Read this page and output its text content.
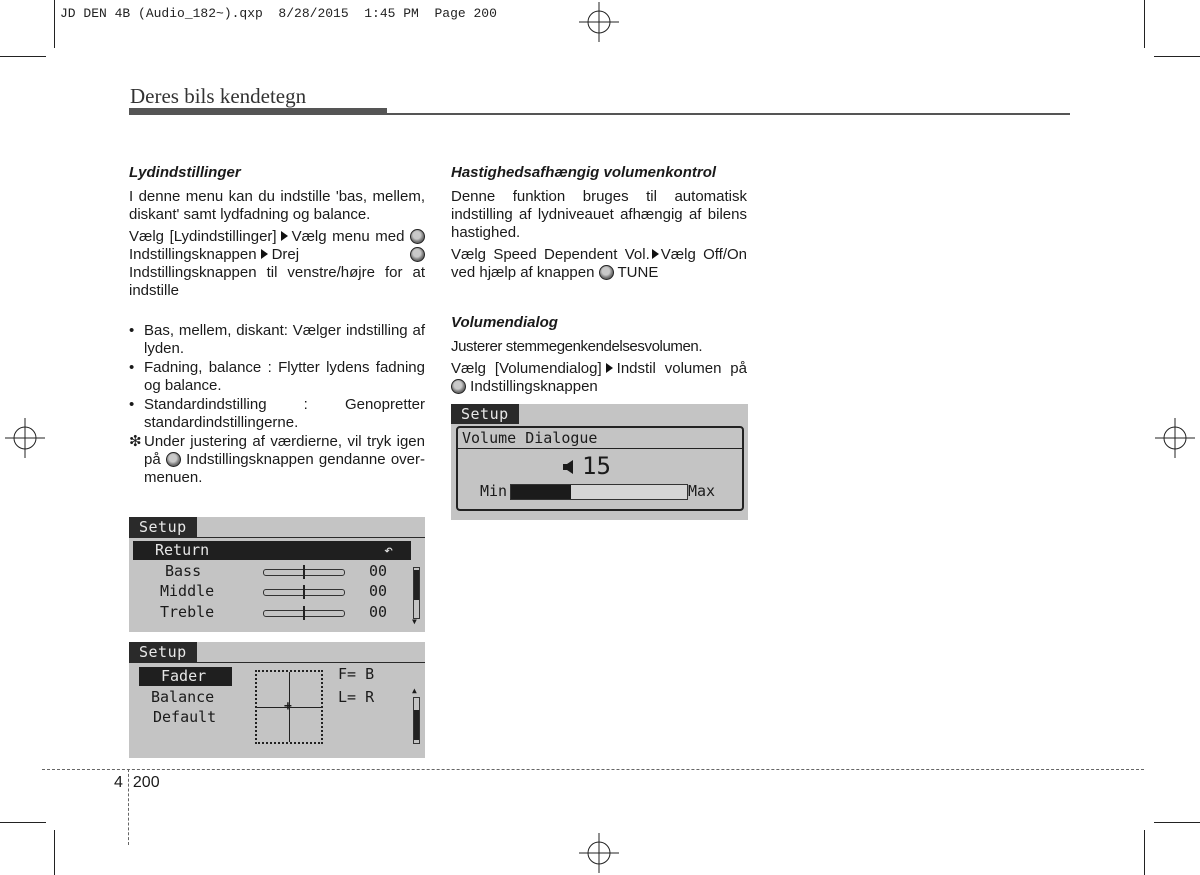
JD DEN 4B (Audio_182~).qxp  8/28/2015  1:45 PM  Page 200
Deres bils kendetegn
Lydindstillinger

I denne menu kan du indstille 'bas, mellem, diskant' samt lydfadning og balance.

Vælg [Lydindstillinger] Vælg menu med  Indstillingsknappen Drej  Indstillingsknappen til venstre/højre for at indstille

• Bas, mellem, diskant: Vælger indstilling af lyden.
• Fadning, balance : Flytter lydens fadning og balance.
• Standardindstilling : Genopretter standardindstillingerne.
❇ Under justering af værdierne, vil tryk igen på Indstillingsknappen gendanne over- menuen.
Setup
Return	↶
Bass	00
Middle	00
Treble	00
▼
Setup
Fader
Balance
Default
+
F= B
L= R	▲
Hastighedsafhængig volumenkontrol

Denne funktion bruges til automatisk indstilling af lydniveauet afhængig af bilens hastighed.

Vælg Speed Dependent Vol. Vælg Off/On ved hjælp af knappen TUNE

Volumendialog

Justerer stemmegenkendelsesvolumen.

Vælg [Volumendialog] Indstil volumen på  Indstillingsknappen

Setup
Volume Dialogue
15
Min	Max
4 200
